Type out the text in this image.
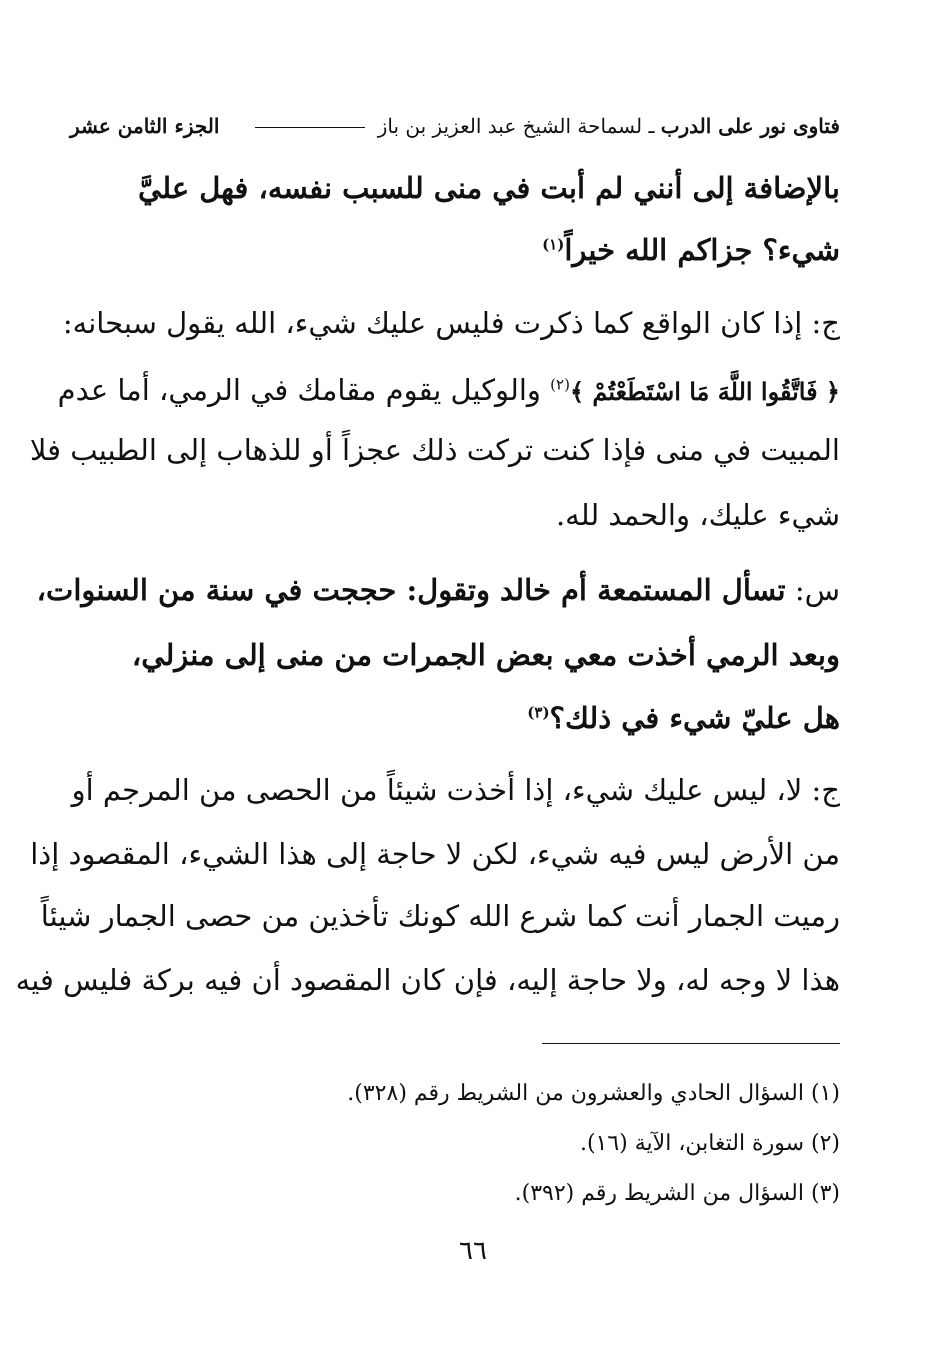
فتاوى نور على الدرب ـ لسماحة الشيخ عبد العزيز بن باز
الجزء الثامن عشر
بالإضافة إلى أنني لم أبت في منى للسبب نفسه، فهل عليَّ
شيء؟ جزاكم الله خيراً$^{(١)}$
ج: إذا كان الواقع كما ذكرت فليس عليك شيء، الله يقول سبحانه:
﴿ فَاتَّقُوا اللَّهَ مَا اسْتَطَعْتُمْ ﴾$^{(٢)}$ والوكيل يقوم مقامك في الرمي، أما عدم
المبيت في منى فإذا كنت تركت ذلك عجزاً أو للذهاب إلى الطبيب فلا
شيء عليك، والحمد لله.
س: تسأل المستمعة أم خالد وتقول: حججت في سنة من السنوات،
وبعد الرمي أخذت معي بعض الجمرات من منى إلى منزلي،
هل عليّ شيء في ذلك؟$^{(٣)}$
ج: لا، ليس عليك شيء، إذا أخذت شيئاً من الحصى من المرجم أو
من الأرض ليس فيه شيء، لكن لا حاجة إلى هذا الشيء، المقصود إذا
رميت الجمار أنت كما شرع الله كونك تأخذين من حصى الجمار شيئاً
هذا لا وجه له، ولا حاجة إليه، فإن كان المقصود أن فيه بركة فليس فيه
(١) السؤال الحادي والعشرون من الشريط رقم (٣٢٨).
(٢) سورة التغابن، الآية (١٦).
(٣) السؤال من الشريط رقم (٣٩٢).
٦٦
